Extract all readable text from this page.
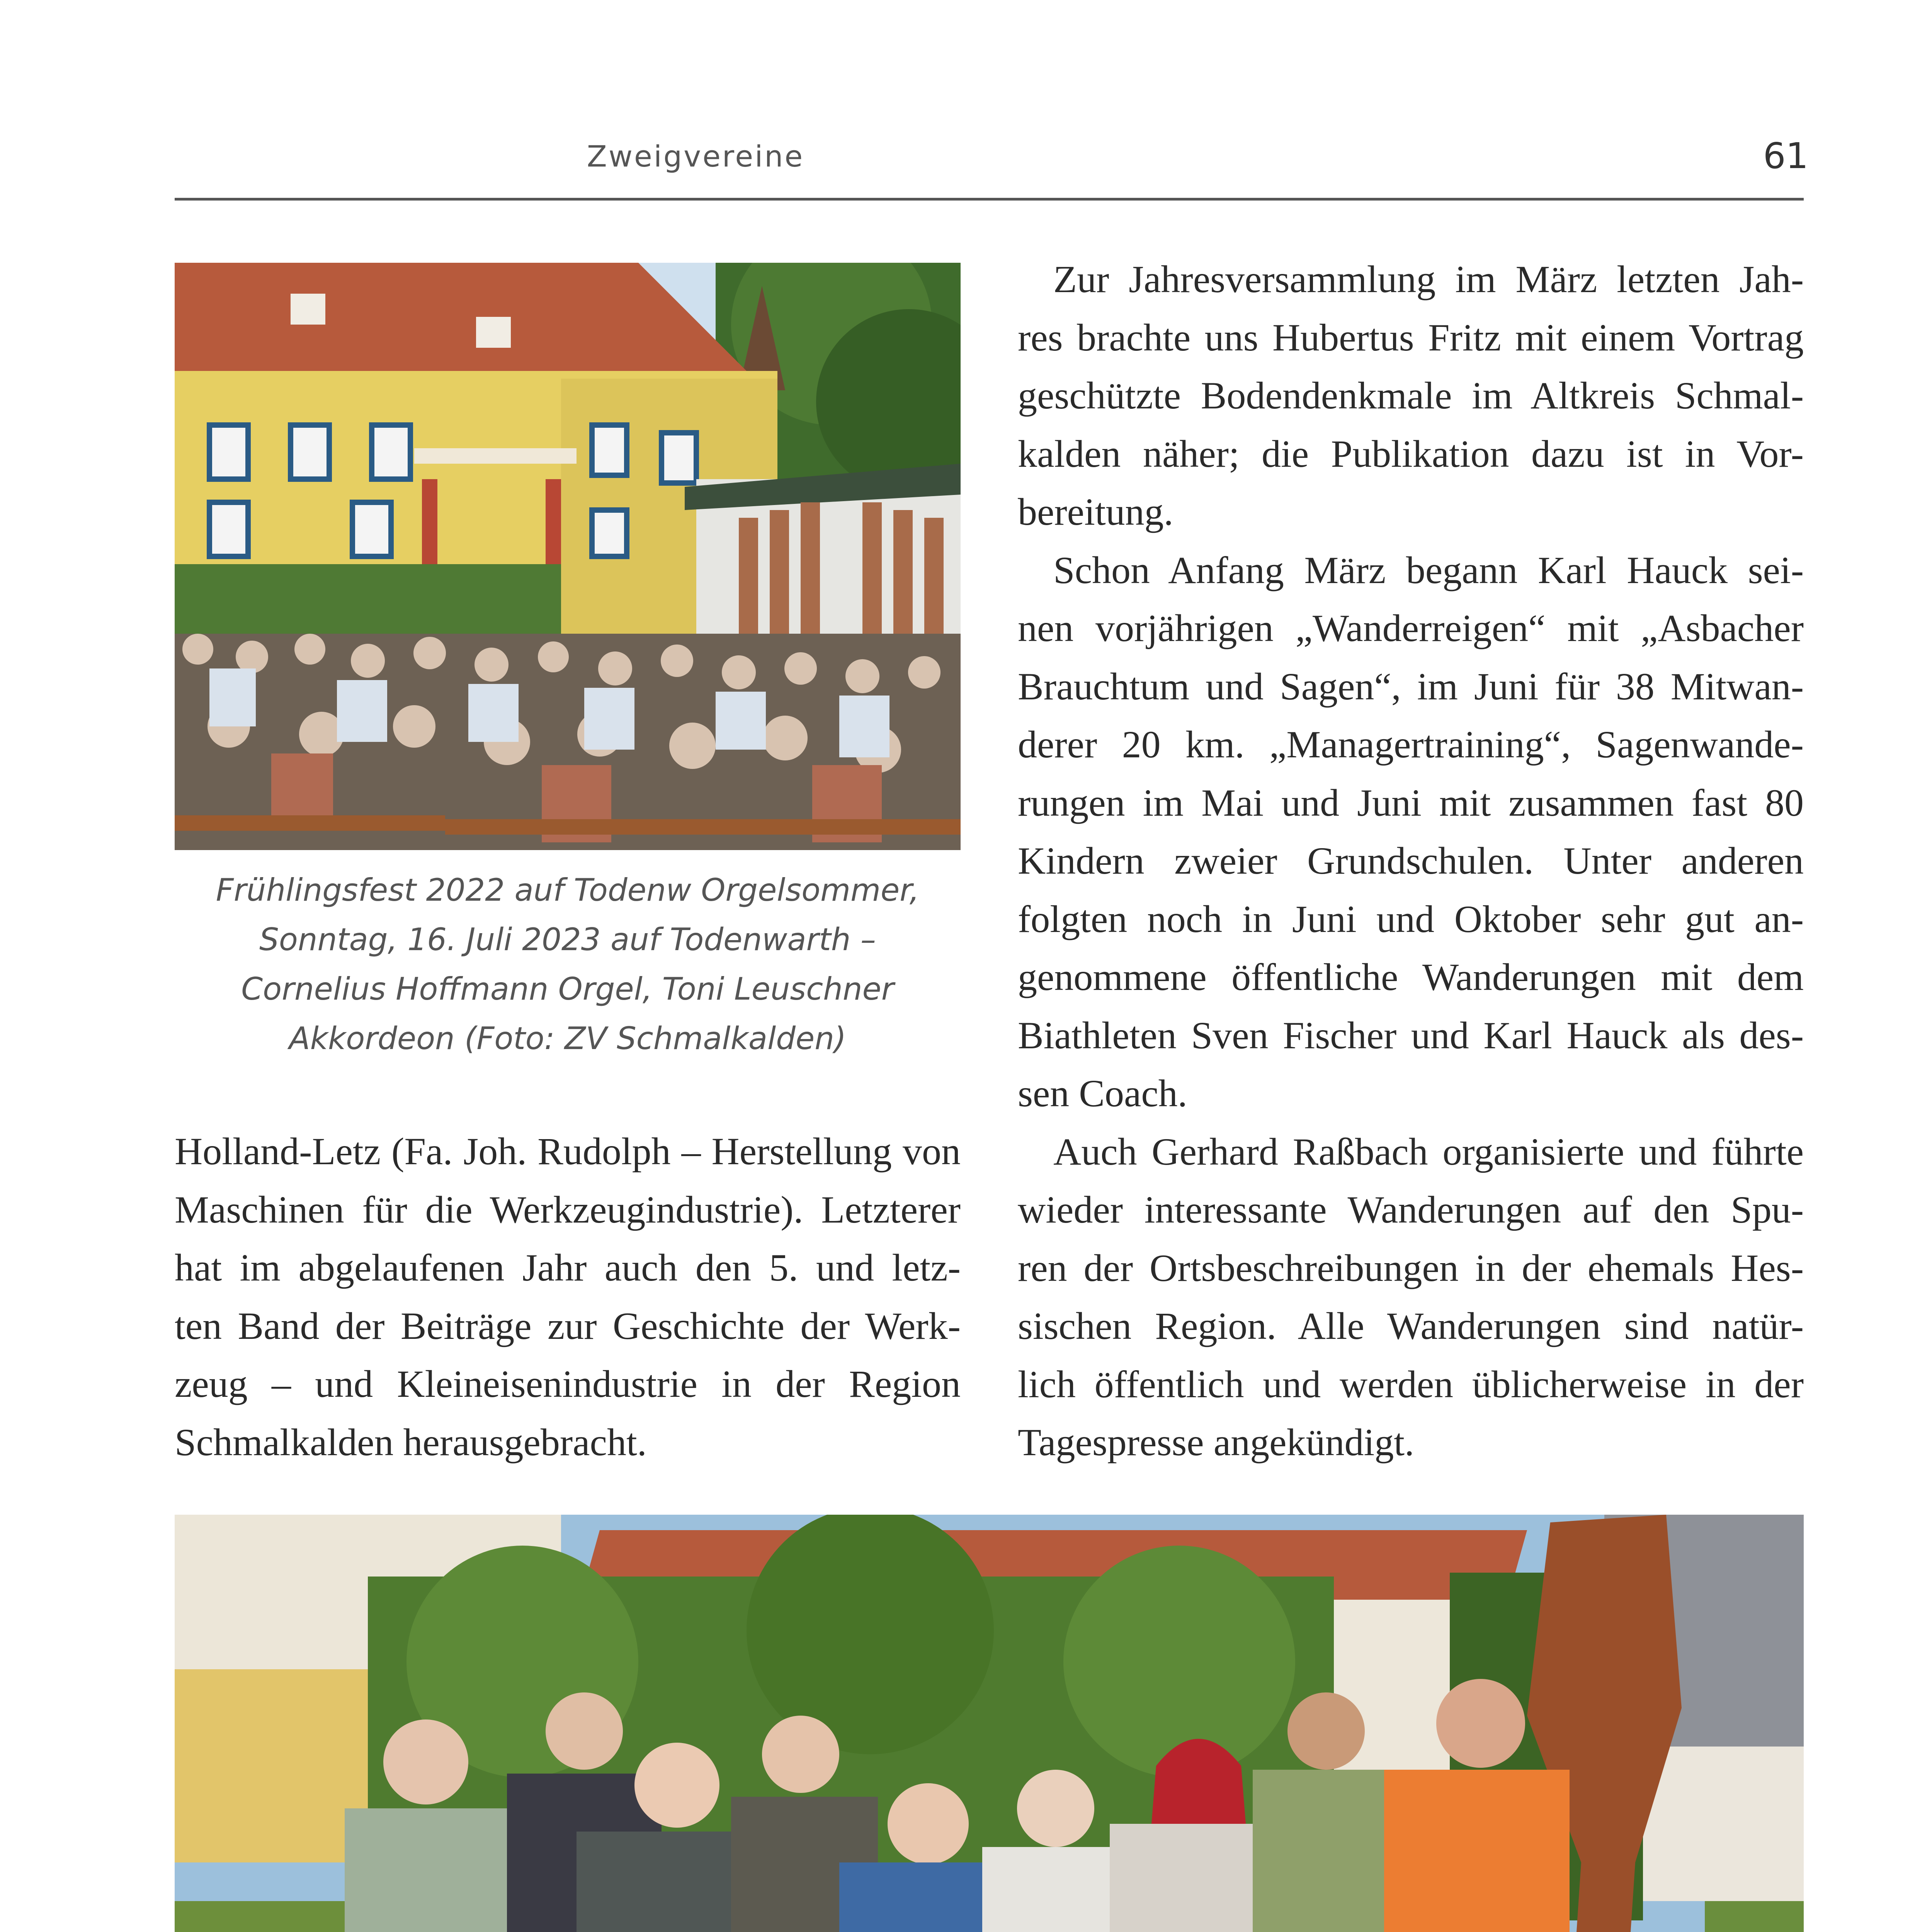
Zweigvereine	61
Frühlingsfest 2022 auf Todenw Orgelsommer,
Sonntag, 16. Juli 2023 auf Todenwarth –
Cornelius Hoffmann Orgel, Toni Leuschner
Akkordeon (Foto: ZV Schmalkalden)
Holland-Letz (Fa. Joh. Rudolph – Herstellung von
Maschinen für die Werkzeugindustrie). Letzterer
hat im abgelaufenen Jahr auch den 5. und letz-
ten Band der Beiträge zur Geschichte der Werk-
zeug – und Kleineisenindustrie in der Region
Schmalkalden herausgebracht.
Zur Jahresversammlung im März letzten Jah-
res brachte uns Hubertus Fritz mit einem Vortrag
geschützte Bodendenkmale im Altkreis Schmal-
kalden näher; die Publikation dazu ist in Vor-
bereitung.
Schon Anfang März begann Karl Hauck sei-
nen vorjährigen „Wanderreigen“ mit „Asbacher
Brauchtum und Sagen“, im Juni für 38 Mitwan-
derer 20 km. „Managertraining“, Sagenwande-
rungen im Mai und Juni mit zusammen fast 80
Kindern zweier Grundschulen. Unter anderen
folgten noch in Juni und Oktober sehr gut an-
genommene öffentliche Wanderungen mit dem
Biathleten Sven Fischer und Karl Hauck als des-
sen Coach.
Auch Gerhard Raßbach organisierte und führte
wieder interessante Wanderungen auf den Spu-
ren der Ortsbeschreibungen in der ehemals Hes-
sischen Region. Alle Wanderungen sind natür-
lich öffentlich und werden üblicherweise in der
Tagespresse angekündigt.
